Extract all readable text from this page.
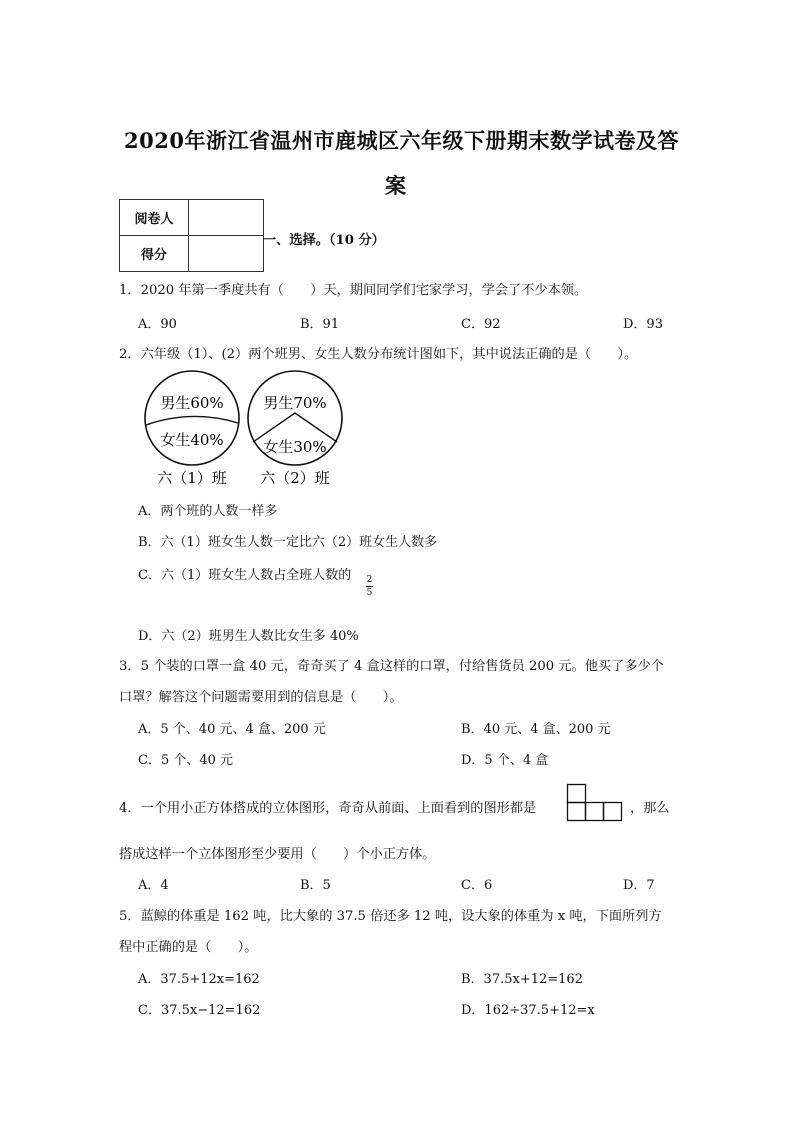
2020年浙江省温州市鹿城区六年级下册期末数学试卷及答
案
阅卷人	
得分	
一、选择。（10 分）
1．2020 年第一季度共有（　　）天，期间同学们宅家学习，学会了不少本领。
A．90	B．91	C．92	D．93
2．六年级（1）、(2）两个班男、女生人数分布统计图如下，其中说法正确的是（　　）。
男生60%
女生40%
六（1）班
男生70%
女生30%
六（2）班
A．两个班的人数一样多
B．六（1）班女生人数一定比六（2）班女生人数多
C．六（1）班女生人数占全班人数的 2
5
D．六（2）班男生人数比女生多 40%
3．5 个装的口罩一盒 40 元，奇奇买了 4 盒这样的口罩，付给售货员 200 元。他买了多少个
口罩？解答这个问题需要用到的信息是（　　）。
A．5 个、40 元、4 盒、200 元	B．40 元、4 盒、200 元
C．5 个、40 元	D．5 个、4 盒
4．一个用小正方体搭成的立体图形，奇奇从前面、上面看到的图形都是	，那么
搭成这样一个立体图形至少要用（　　）个小正方体。
A．4	B．5	C．6	D．7
5．蓝鲸的体重是 162 吨，比大象的 37.5 倍还多 12 吨，设大象的体重为 x 吨，下面所列方
程中正确的是（　　）。
A．37.5+12x=162	B．37.5x+12=162
C．37.5x−12=162	D．162÷37.5+12=x
